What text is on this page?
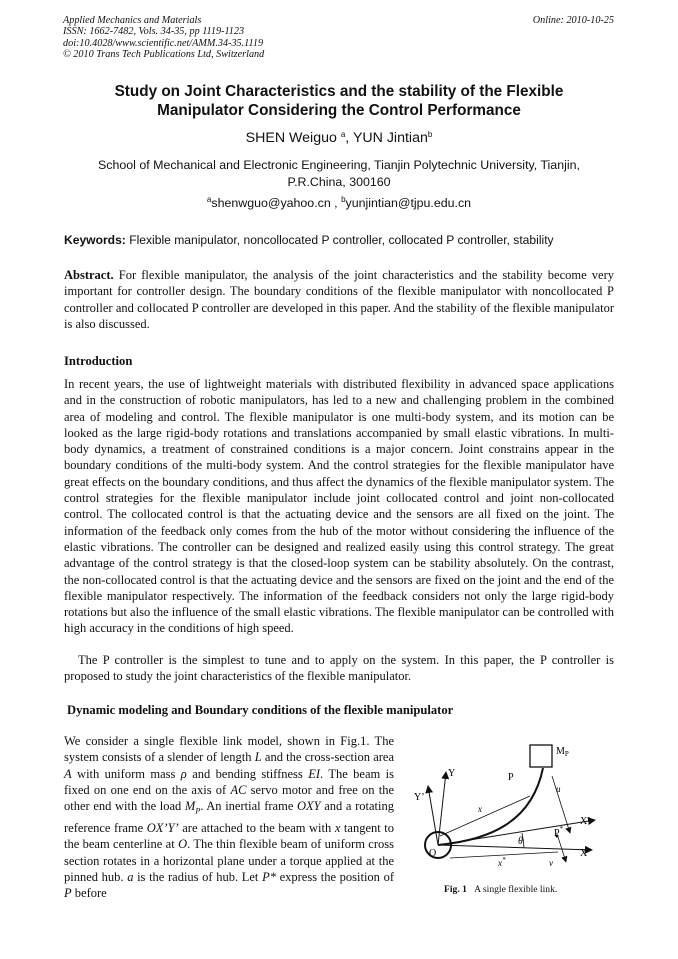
Applied Mechanics and Materials
ISSN: 1662-7482, Vols. 34-35, pp 1119-1123
doi:10.4028/www.scientific.net/AMM.34-35.1119
© 2010 Trans Tech Publications Ltd, Switzerland
Online: 2010-10-25
Study on Joint Characteristics and the stability of the Flexible
Manipulator Considering the Control Performance
SHEN Weiguo $^a$, YUN Jintian$^b$
School of Mechanical and Electronic Engineering, Tianjin Polytechnic University, Tianjin,
P.R.China, 300160
$^a$shenwguo@yahoo.cn , $^b$yunjintian@tjpu.edu.cn
Keywords: Flexible manipulator, noncollocated P controller, collocated P controller, stability
Abstract. For flexible manipulator, the analysis of the joint characteristics and the stability become very important for controller design. The boundary conditions of the flexible manipulator with noncollocated P controller and collocated P controller are developed in this paper. And the stability of the flexible manipulator is also discussed.
Introduction
In recent years, the use of lightweight materials with distributed flexibility in advanced space applications and in the construction of robotic manipulators, has led to a new and challenging problem in the combined area of modeling and control. The flexible manipulator is one multi-body system, and its motion can be looked as the large rigid-body rotations and translations accompanied by small elastic vibrations. In multi-body dynamics, a treatment of constrained conditions is a major concern. Joint constrains appear in the boundary conditions of the multi-body system. And the control strategies for the flexible manipulator have great effects on the boundary conditions, and thus affect the dynamics of the flexible manipulator system. The control strategies for the flexible manipulator include joint collocated control and joint non-collocated control. The collocated control is that the actuating device and the sensors are all fixed on the joint. The information of the feedback only comes from the hub of the motor without considering the influence of the elastic vibrations. The controller can be designed and realized easily using this control strategy. The great advantage of the control strategy is that the closed-loop system can be stability absolutely. On the contrast, the non-collocated control is that the actuating device and the sensors are fixed on the joint and the end of the flexible manipulator respectively. The information of the feedback considers not only the large rigid-body rotations but also the influence of the small elastic vibrations. The flexible manipulator can be controlled with high accuracy in the conditions of high speed.
The P controller is the simplest to tune and to apply on the system. In this paper, the P controller is proposed to study the joint characteristics of the flexible manipulator.
Dynamic modeling and Boundary conditions of the flexible manipulator
We consider a single flexible link model, shown in Fig.1. The system consists of a slender of length L and the cross-section area A with uniform mass ρ and bending stiffness EI. The beam is fixed on one end on the axis of AC servo motor and free on the other end with the load $M_P$. An inertial frame OXY and a rotating reference frame OX’Y’ are attached to the beam with x tangent to the beam centerline at O. The thin flexible beam of uniform cross section rotates in a horizontal plane under a torque applied at the pinned hub. a is the radius of hub. Let P* express the position of P before
$M_P$
Y
Y’
P
u
x
X’
P*
θ
O	X
x*	v
Fig. 1 A single flexible link.
